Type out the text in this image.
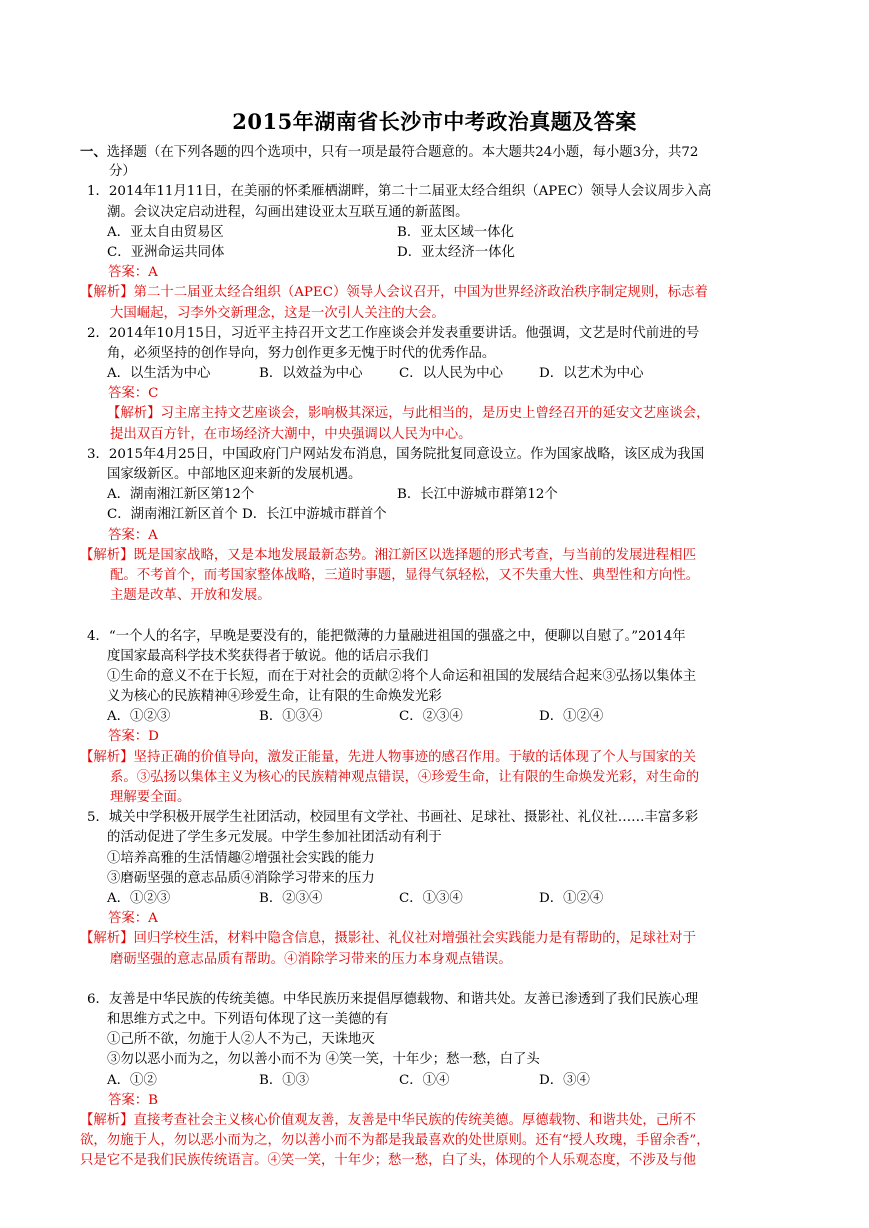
2015年湖南省长沙市中考政治真题及答案
一、选择题（在下列各题的四个选项中，只有一项是最符合题意的。本大题共24小题，每小题3分，共72
分）
1．2014年11月11日，在美丽的怀柔雁栖湖畔，第二十二届亚太经合组织（APEC）领导人会议周步入高
潮。会议决定启动进程，勾画出建设亚太互联互通的新蓝图。
A．亚太自由贸易区	B．亚太区域一体化
C．亚洲命运共同体	D．亚太经济一体化
答案：A
【解析】第二十二届亚太经合组织（APEC）领导人会议召开，中国为世界经济政治秩序制定规则，标志着
大国崛起，习李外交新理念，这是一次引人关注的大会。
2．2014年10月15日，习近平主持召开文艺工作座谈会并发表重要讲话。他强调，文艺是时代前进的号
角，必须坚持的创作导向，努力创作更多无愧于时代的优秀作品。
A．以生活为中心	B．以效益为中心	C．以人民为中心	D．以艺术为中心
答案：C
【解析】习主席主持文艺座谈会，影响极其深远，与此相当的，是历史上曾经召开的延安文艺座谈会，
提出双百方针，在市场经济大潮中，中央强调以人民为中心。
3．2015年4月25日，中国政府门户网站发布消息，国务院批复同意设立。作为国家战略，该区成为我国
国家级新区。中部地区迎来新的发展机遇。
A．湖南湘江新区第12个	B．长江中游城市群第12个
C．湖南湘江新区首个 D．长江中游城市群首个
答案：A
【解析】既是国家战略，又是本地发展最新态势。湘江新区以选择题的形式考查，与当前的发展进程相匹
配。不考首个，而考国家整体战略，三道时事题，显得气氛轻松，又不失重大性、典型性和方向性。
主题是改革、开放和发展。
4．“一个人的名字，早晚是要没有的，能把微薄的力量融进祖国的强盛之中，便聊以自慰了。”2014年
度国家最高科学技术奖获得者于敏说。他的话启示我们
①生命的意义不在于长短，而在于对社会的贡献②将个人命运和祖国的发展结合起来③弘扬以集体主
义为核心的民族精神④珍爱生命，让有限的生命焕发光彩
A．①②③	B．①③④	C．②③④	D．①②④
答案：D
【解析】坚持正确的价值导向，激发正能量，先进人物事迹的感召作用。于敏的话体现了个人与国家的关
系。③弘扬以集体主义为核心的民族精神观点错误，④珍爱生命，让有限的生命焕发光彩，对生命的
理解要全面。
5．城关中学积极开展学生社团活动，校园里有文学社、书画社、足球社、摄影社、礼仪社……丰富多彩
的活动促进了学生多元发展。中学生参加社团活动有利于
①培养高雅的生活情趣②增强社会实践的能力
③磨砺坚强的意志品质④消除学习带来的压力
A．①②③	B．②③④	C．①③④	D．①②④
答案：A
【解析】回归学校生活，材料中隐含信息，摄影社、礼仪社对增强社会实践能力是有帮助的，足球社对于
磨砺坚强的意志品质有帮助。④消除学习带来的压力本身观点错误。
6．友善是中华民族的传统美德。中华民族历来提倡厚德载物、和谐共处。友善已渗透到了我们民族心理
和思维方式之中。下列语句体现了这一美德的有
①己所不欲，勿施于人②人不为己，天诛地灭
③勿以恶小而为之，勿以善小而不为 ④笑一笑，十年少；愁一愁，白了头
A．①②	B．①③	C．①④	D．③④
答案：B
【解析】直接考查社会主义核心价值观友善，友善是中华民族的传统美德。厚德载物、和谐共处，己所不
欲，勿施于人，勿以恶小而为之，勿以善小而不为都是我最喜欢的处世原则。还有“授人玫瑰，手留余香”，
只是它不是我们民族传统语言。④笑一笑，十年少；愁一愁，白了头，体现的个人乐观态度，不涉及与他
